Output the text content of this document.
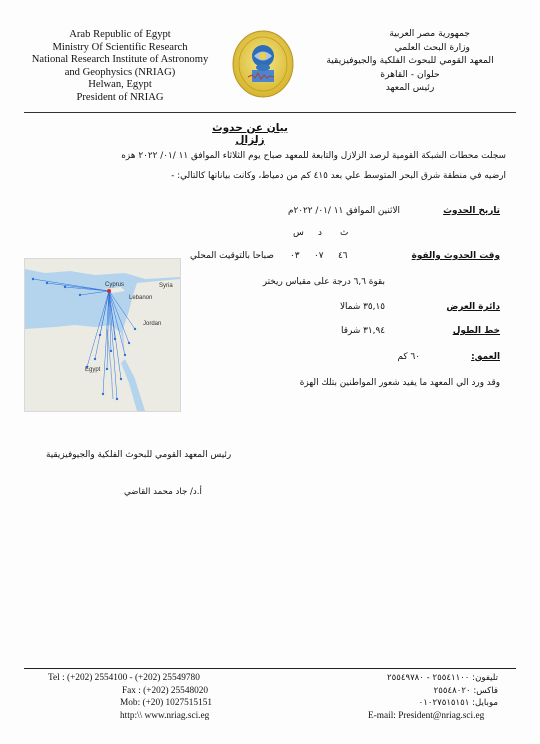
Arab Republic of Egypt
Ministry Of Scientific Research
National Research Institute of Astronomy
and Geophysics (NRIAG)
Helwan, Egypt
President of NRIAG
جمهورية مصر العربية
وزارة البحث العلمي
المعهد القومي للبحوث الفلكية والجيوفيزيقية
حلوان - القاهرة
رئيس المعهد
بيان عن حدوث زلزال
سجلت محطات الشبكة القومية لرصد الزلازل والتابعة للمعهد صباح يوم الثلاثاء الموافق ١١ /٠١/ ٢٠٢٢ هزه
ارضيه في منطقة شرق البحر المتوسط علي بعد ٤١٥ كم من دمياط، وكانت بياناتها كالتالي: -
تاريخ الحدوث
الاثنين الموافق ١١ /٠١/ ٢٠٢٢م
ث
د
س
وقت الحدوث والقوة
٤٦
٠٧
٠٣
صباحا بالتوقيت المحلي
بقوة ٦,٦ درجة على مقياس ريختر
دائرة العرض
٣٥,١٥ شمالا
خط الطول
٣١,٩٤ شرقا
العمق:
٦٠ كم
وقد ورد الي المعهد ما يفيد شعور المواطنين بتلك الهزة
Cyprus	Syria
Lebanon
Jordan
Egypt
رئيس المعهد القومي للبحوث الفلكية والجيوفيزيقية
أ.د/ جاد محمد القاضي
Tel : (+202) 2554100 - (+202) 25549780
Fax : (+202) 25548020
Mob: (+20) 1027515151
http:\\ www.nriag.sci.eg
تليفون: ٢٥٥٤١١٠٠ - ٢٥٥٤٩٧٨٠
فاكس: ٢٥٥٤٨٠٢٠
موبايل: ٠١٠٢٧٥١٥١٥١
E-mail: President@nriag.sci.eg
